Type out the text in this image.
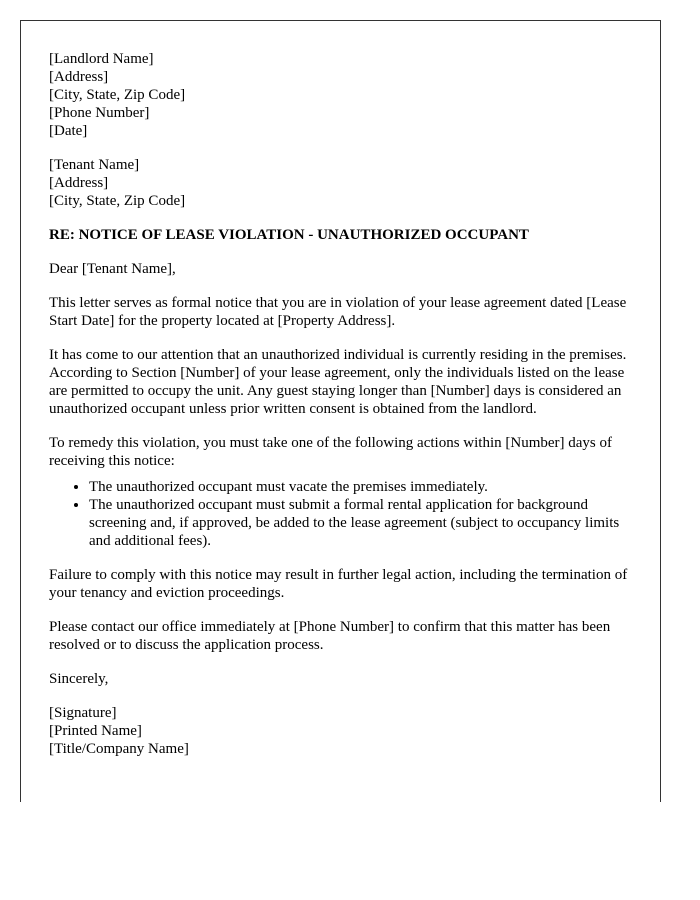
[Landlord Name]
[Address]
[City, State, Zip Code]
[Phone Number]
[Date]
[Tenant Name]
[Address]
[City, State, Zip Code]
RE: NOTICE OF LEASE VIOLATION - UNAUTHORIZED OCCUPANT

Dear [Tenant Name],

This letter serves as formal notice that you are in violation of your lease agreement dated [Lease Start Date] for the property located at [Property Address].

It has come to our attention that an unauthorized individual is currently residing in the premises. According to Section [Number] of your lease agreement, only the individuals listed on the lease are permitted to occupy the unit. Any guest staying longer than [Number] days is considered an unauthorized occupant unless prior written consent is obtained from the landlord.

To remedy this violation, you must take one of the following actions within [Number] days of receiving this notice:

• The unauthorized occupant must vacate the premises immediately.
• The unauthorized occupant must submit a formal rental application for background screening and, if approved, be added to the lease agreement (subject to occupancy limits and additional fees).

Failure to comply with this notice may result in further legal action, including the termination of your tenancy and eviction proceedings.

Please contact our office immediately at [Phone Number] to confirm that this matter has been resolved or to discuss the application process.

Sincerely,

[Signature]
[Printed Name]
[Title/Company Name]
